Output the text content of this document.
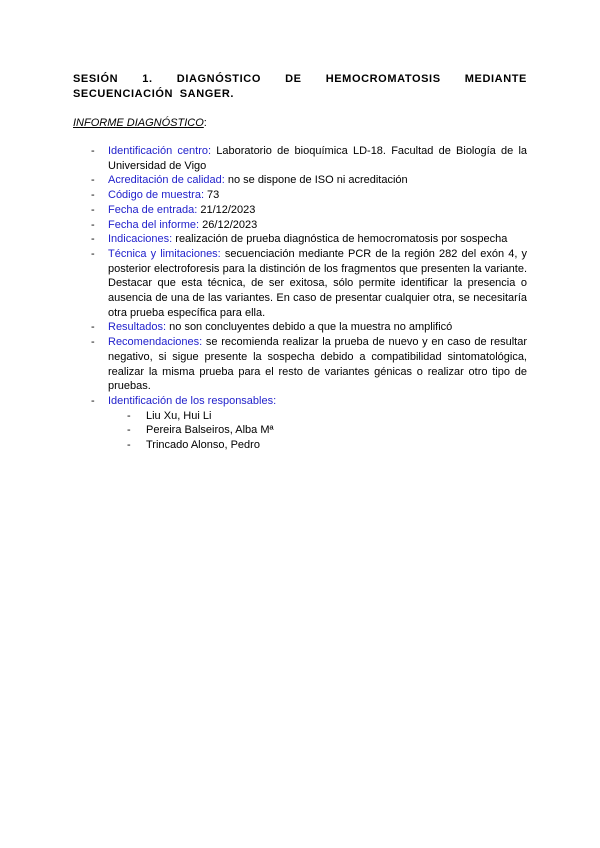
SESIÓN 1. DIAGNÓSTICO DE HEMOCROMATOSIS MEDIANTE SECUENCIACIÓN SANGER.
INFORME DIAGNÓSTICO:
- Identificación centro: Laboratorio de bioquímica LD-18. Facultad de Biología de la Universidad de Vigo
- Acreditación de calidad: no se dispone de ISO ni acreditación
- Código de muestra: 73
- Fecha de entrada: 21/12/2023
- Fecha del informe: 26/12/2023
- Indicaciones: realización de prueba diagnóstica de hemocromatosis por sospecha
- Técnica y limitaciones: secuenciación mediante PCR de la región 282 del exón 4, y posterior electroforesis para la distinción de los fragmentos que presenten la variante. Destacar que esta técnica, de ser exitosa, sólo permite identificar la presencia o ausencia de una de las variantes. En caso de presentar cualquier otra, se necesitaría otra prueba específica para ella.
- Resultados: no son concluyentes debido a que la muestra no amplificó
- Recomendaciones: se recomienda realizar la prueba de nuevo y en caso de resultar negativo, si sigue presente la sospecha debido a compatibilidad sintomatológica, realizar la misma prueba para el resto de variantes génicas o realizar otro tipo de pruebas.
- Identificación de los responsables:
- Liu Xu, Hui Li
- Pereira Balseiros, Alba Mª
- Trincado Alonso, Pedro
